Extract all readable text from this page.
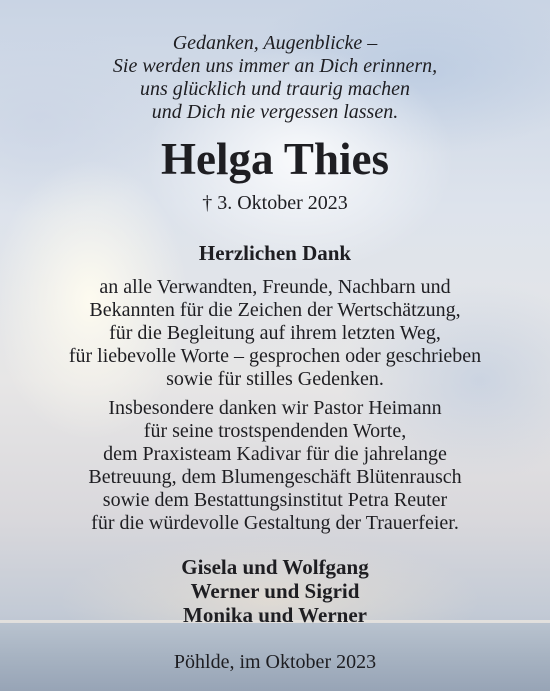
Gedanken, Augenblicke –
Sie werden uns immer an Dich erinnern,
uns glücklich und traurig machen
und Dich nie vergessen lassen.
Helga Thies
† 3. Oktober 2023
Herzlichen Dank
an alle Verwandten, Freunde, Nachbarn und
Bekannten für die Zeichen der Wertschätzung,
für die Begleitung auf ihrem letzten Weg,
für liebevolle Worte – gesprochen oder geschrieben
sowie für stilles Gedenken.
Insbesondere danken wir Pastor Heimann
für seine trostspendenden Worte,
dem Praxisteam Kadivar für die jahrelange
Betreuung, dem Blumengeschäft Blütenrausch
sowie dem Bestattungsinstitut Petra Reuter
für die würdevolle Gestaltung der Trauerfeier.
Gisela und Wolfgang
Werner und Sigrid
Monika und Werner
Pöhlde, im Oktober 2023
